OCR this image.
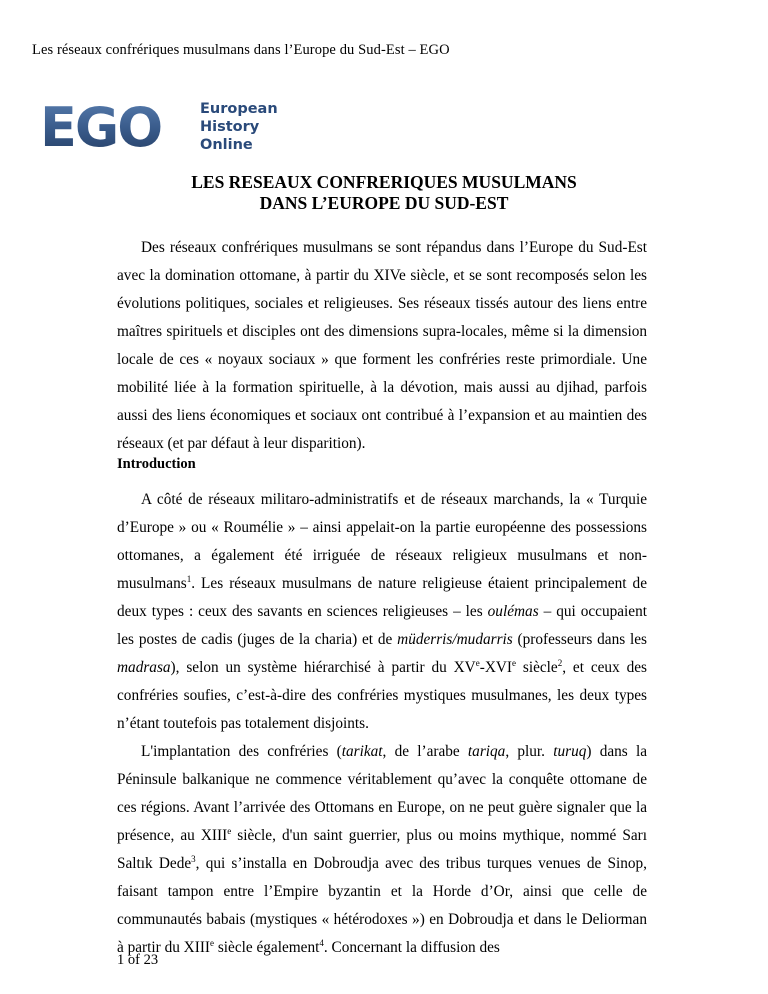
Les réseaux confrériques musulmans dans l’Europe du Sud-Est – EGO
EGO	European
History
Online
LES RESEAUX CONFRERIQUES MUSULMANS
DANS L’EUROPE DU SUD-EST

Des réseaux confrériques musulmans se sont répandus dans l’Europe du Sud-Est avec la domination ottomane, à partir du XIVe siècle, et se sont recomposés selon les évolutions politiques, sociales et religieuses. Ses réseaux tissés autour des liens entre maîtres spirituels et disciples ont des dimensions supra-locales, même si la dimension locale de ces « noyaux sociaux » que forment les confréries reste primordiale. Une mobilité liée à la formation spirituelle, à la dévotion, mais aussi au djihad, parfois aussi des liens économiques et sociaux ont contribué à l’expansion et au maintien des réseaux (et par défaut à leur disparition).

Introduction

A côté de réseaux militaro-administratifs et de réseaux marchands, la « Turquie d’Europe » ou « Roumélie » – ainsi appelait-on la partie européenne des possessions ottomanes, a également été irriguée de réseaux religieux musulmans et non-musulmans$^1$. Les réseaux musulmans de nature religieuse étaient principalement de deux types : ceux des savants en sciences religieuses – les oulémas – qui occupaient les postes de cadis (juges de la charia) et de müderris/mudarris (professeurs dans les madrasa), selon un système hiérarchisé à partir du XVe-XVIe siècle$^2$, et ceux des confréries soufies, c’est-à-dire des confréries mystiques musulmanes, les deux types n’étant toutefois pas totalement disjoints.

L'implantation des confréries (tarikat, de l’arabe tariqa, plur. turuq) dans la Péninsule balkanique ne commence véritablement qu’avec la conquête ottomane de ces régions. Avant l’arrivée des Ottomans en Europe, on ne peut guère signaler que la présence, au XIIIe siècle, d'un saint guerrier, plus ou moins mythique, nommé Sarı Saltık Dede$^3$, qui s’installa en Dobroudja avec des tribus turques venues de Sinop, faisant tampon entre l’Empire byzantin et la Horde d’Or, ainsi que celle de communautés babais (mystiques « hétérodoxes ») en Dobroudja et dans le Deliorman à partir du XIIIe siècle également$^4$. Concernant la diffusion des

1 of 23
